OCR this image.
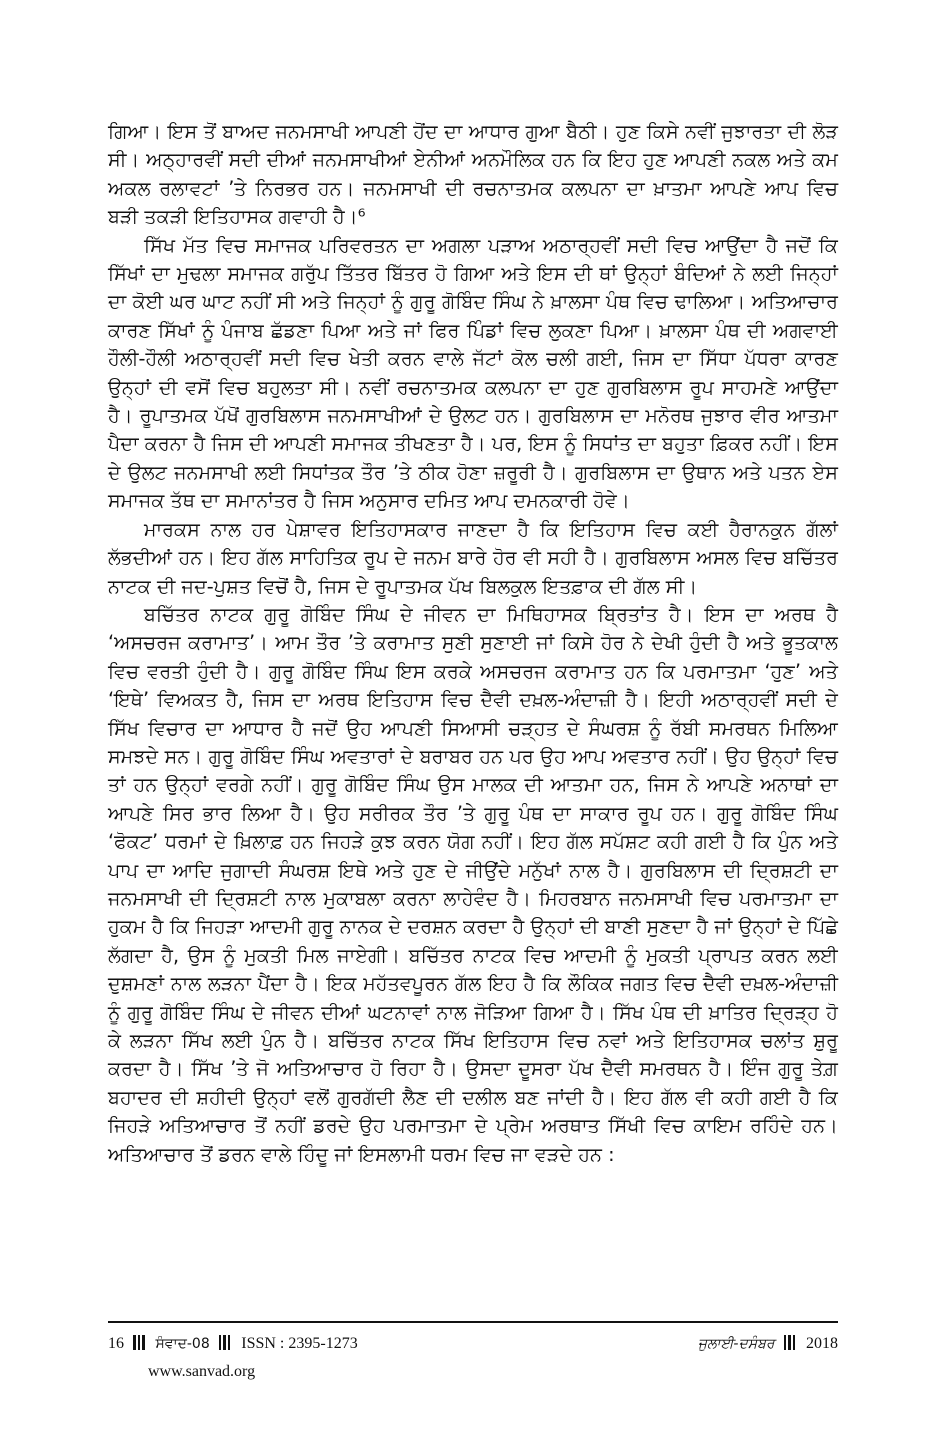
ਗਿਆ। ਇਸ ਤੋਂ ਬਾਅਦ ਜਨਮਸਾਖੀ ਆਪਣੀ ਹੋਂਦ ਦਾ ਆਧਾਰ ਗੁਆ ਬੈਠੀ। ਹੁਣ ਕਿਸੇ ਨਵੀਂ ਜੁਝਾਰਤਾ ਦੀ ਲੋੜ ਸੀ। ਅਠ੍ਹਾਰਵੀਂ ਸਦੀ ਦੀਆਂ ਜਨਮਸਾਖੀਆਂ ਏਨੀਆਂ ਅਨਮੌਲਿਕ ਹਨ ਕਿ ਇਹ ਹੁਣ ਆਪਣੀ ਨਕਲ ਅਤੇ ਕਮ ਅਕਲ ਰਲਾਵਟਾਂ ’ਤੇ ਨਿਰਭਰ ਹਨ। ਜਨਮਸਾਖੀ ਦੀ ਰਚਨਾਤਮਕ ਕਲਪਨਾ ਦਾ ਖ਼ਾਤਮਾ ਆਪਣੇ ਆਪ ਵਿਚ ਬੜੀ ਤਕੜੀ ਇਤਿਹਾਸਕ ਗਵਾਹੀ ਹੈ।⁶

ਸਿੱਖ ਮੱਤ ਵਿਚ ਸਮਾਜਕ ਪਰਿਵਰਤਨ ਦਾ ਅਗਲਾ ਪੜਾਅ ਅਠਾਰ੍ਹਵੀਂ ਸਦੀ ਵਿਚ ਆਉਂਦਾ ਹੈ ਜਦੋਂ ਕਿ ਸਿੱਖਾਂ ਦਾ ਮੁਢਲਾ ਸਮਾਜਕ ਗਰੁੱਪ ਤਿੱਤਰ ਬਿੱਤਰ ਹੋ ਗਿਆ ਅਤੇ ਇਸ ਦੀ ਥਾਂ ਉਨ੍ਹਾਂ ਬੰਦਿਆਂ ਨੇ ਲਈ ਜਿਨ੍ਹਾਂ ਦਾ ਕੋਈ ਘਰ ਘਾਟ ਨਹੀਂ ਸੀ ਅਤੇ ਜਿਨ੍ਹਾਂ ਨੂੰ ਗੁਰੂ ਗੋਬਿੰਦ ਸਿੰਘ ਨੇ ਖ਼ਾਲਸਾ ਪੰਥ ਵਿਚ ਢਾਲਿਆ। ਅਤਿਆਚਾਰ ਕਾਰਣ ਸਿੱਖਾਂ ਨੂੰ ਪੰਜਾਬ ਛੱਡਣਾ ਪਿਆ ਅਤੇ ਜਾਂ ਫਿਰ ਪਿੰਡਾਂ ਵਿਚ ਲੁਕਣਾ ਪਿਆ। ਖ਼ਾਲਸਾ ਪੰਥ ਦੀ ਅਗਵਾਈ ਹੌਲੀ-ਹੌਲੀ ਅਠਾਰ੍ਹਵੀਂ ਸਦੀ ਵਿਚ ਖੇਤੀ ਕਰਨ ਵਾਲੇ ਜੱਟਾਂ ਕੋਲ ਚਲੀ ਗਈ, ਜਿਸ ਦਾ ਸਿੱਧਾ ਪੱਧਰਾ ਕਾਰਣ ਉਨ੍ਹਾਂ ਦੀ ਵਸੋਂ ਵਿਚ ਬਹੁਲਤਾ ਸੀ। ਨਵੀਂ ਰਚਨਾਤਮਕ ਕਲਪਨਾ ਦਾ ਹੁਣ ਗੁਰਬਿਲਾਸ ਰੂਪ ਸਾਹਮਣੇ ਆਉਂਦਾ ਹੈ। ਰੂਪਾਤਮਕ ਪੱਖੋਂ ਗੁਰਬਿਲਾਸ ਜਨਮਸਾਖੀਆਂ ਦੇ ਉਲਟ ਹਨ। ਗੁਰਬਿਲਾਸ ਦਾ ਮਨੋਰਥ ਜੁਝਾਰ ਵੀਰ ਆਤਮਾ ਪੈਦਾ ਕਰਨਾ ਹੈ ਜਿਸ ਦੀ ਆਪਣੀ ਸਮਾਜਕ ਤੀਖਣਤਾ ਹੈ। ਪਰ, ਇਸ ਨੂੰ ਸਿਧਾਂਤ ਦਾ ਬਹੁਤਾ ਫ਼ਿਕਰ ਨਹੀਂ। ਇਸ ਦੇ ਉਲਟ ਜਨਮਸਾਖੀ ਲਈ ਸਿਧਾਂਤਕ ਤੌਰ ’ਤੇ ਠੀਕ ਹੋਣਾ ਜ਼ਰੂਰੀ ਹੈ। ਗੁਰਬਿਲਾਸ ਦਾ ਉਥਾਨ ਅਤੇ ਪਤਨ ਏਸ ਸਮਾਜਕ ਤੱਥ ਦਾ ਸਮਾਨਾਂਤਰ ਹੈ ਜਿਸ ਅਨੁਸਾਰ ਦਮਿਤ ਆਪ ਦਮਨਕਾਰੀ ਹੋਵੇ।

ਮਾਰਕਸ ਨਾਲ ਹਰ ਪੇਸ਼ਾਵਰ ਇਤਿਹਾਸਕਾਰ ਜਾਣਦਾ ਹੈ ਕਿ ਇਤਿਹਾਸ ਵਿਚ ਕਈ ਹੈਰਾਨਕੁਨ ਗੱਲਾਂ ਲੱਭਦੀਆਂ ਹਨ। ਇਹ ਗੱਲ ਸਾਹਿਤਿਕ ਰੂਪ ਦੇ ਜਨਮ ਬਾਰੇ ਹੋਰ ਵੀ ਸਹੀ ਹੈ। ਗੁਰਬਿਲਾਸ ਅਸਲ ਵਿਚ ਬਚਿੱਤਰ ਨਾਟਕ ਦੀ ਜਦ-ਪੁਸ਼ਤ ਵਿਚੋਂ ਹੈ, ਜਿਸ ਦੇ ਰੂਪਾਤਮਕ ਪੱਖ ਬਿਲਕੁਲ ਇਤਫ਼ਾਕ ਦੀ ਗੱਲ ਸੀ।

ਬਚਿੱਤਰ ਨਾਟਕ ਗੁਰੂ ਗੋਬਿੰਦ ਸਿੰਘ ਦੇ ਜੀਵਨ ਦਾ ਮਿਥਿਹਾਸਕ ਬ੍ਰਿਤਾਂਤ ਹੈ। ਇਸ ਦਾ ਅਰਥ ਹੈ ‘ਅਸਚਰਜ ਕਰਾਮਾਤ’। ਆਮ ਤੌਰ ’ਤੇ ਕਰਾਮਾਤ ਸੁਣੀ ਸੁਣਾਈ ਜਾਂ ਕਿਸੇ ਹੋਰ ਨੇ ਦੇਖੀ ਹੁੰਦੀ ਹੈ ਅਤੇ ਭੂਤਕਾਲ ਵਿਚ ਵਰਤੀ ਹੁੰਦੀ ਹੈ। ਗੁਰੂ ਗੋਬਿੰਦ ਸਿੰਘ ਇਸ ਕਰਕੇ ਅਸਚਰਜ ਕਰਾਮਾਤ ਹਨ ਕਿ ਪਰਮਾਤਮਾ ‘ਹੁਣ’ ਅਤੇ ‘ਇਥੇ’ ਵਿਅਕਤ ਹੈ, ਜਿਸ ਦਾ ਅਰਥ ਇਤਿਹਾਸ ਵਿਚ ਦੈਵੀ ਦਖ਼ਲ-ਅੰਦਾਜ਼ੀ ਹੈ। ਇਹੀ ਅਠਾਰ੍ਹਵੀਂ ਸਦੀ ਦੇ ਸਿੱਖ ਵਿਚਾਰ ਦਾ ਆਧਾਰ ਹੈ ਜਦੋਂ ਉਹ ਆਪਣੀ ਸਿਆਸੀ ਚੜ੍ਹਤ ਦੇ ਸੰਘਰਸ਼ ਨੂੰ ਰੱਬੀ ਸਮਰਥਨ ਮਿਲਿਆ ਸਮਝਦੇ ਸਨ। ਗੁਰੂ ਗੋਬਿੰਦ ਸਿੰਘ ਅਵਤਾਰਾਂ ਦੇ ਬਰਾਬਰ ਹਨ ਪਰ ਉਹ ਆਪ ਅਵਤਾਰ ਨਹੀਂ। ਉਹ ਉਨ੍ਹਾਂ ਵਿਚ ਤਾਂ ਹਨ ਉਨ੍ਹਾਂ ਵਰਗੇ ਨਹੀਂ। ਗੁਰੂ ਗੋਬਿੰਦ ਸਿੰਘ ਉਸ ਮਾਲਕ ਦੀ ਆਤਮਾ ਹਨ, ਜਿਸ ਨੇ ਆਪਣੇ ਅਨਾਥਾਂ ਦਾ ਆਪਣੇ ਸਿਰ ਭਾਰ ਲਿਆ ਹੈ। ਉਹ ਸਰੀਰਕ ਤੌਰ ’ਤੇ ਗੁਰੂ ਪੰਥ ਦਾ ਸਾਕਾਰ ਰੂਪ ਹਨ। ਗੁਰੂ ਗੋਬਿੰਦ ਸਿੰਘ ‘ਫੋਕਟ’ ਧਰਮਾਂ ਦੇ ਖ਼ਿਲਾਫ਼ ਹਨ ਜਿਹੜੇ ਕੁਝ ਕਰਨ ਯੋਗ ਨਹੀਂ। ਇਹ ਗੱਲ ਸਪੱਸ਼ਟ ਕਹੀ ਗਈ ਹੈ ਕਿ ਪੁੰਨ ਅਤੇ ਪਾਪ ਦਾ ਆਦਿ ਜੁਗਾਦੀ ਸੰਘਰਸ਼ ਇਥੇ ਅਤੇ ਹੁਣ ਦੇ ਜੀਉਂਦੇ ਮਨੁੱਖਾਂ ਨਾਲ ਹੈ। ਗੁਰਬਿਲਾਸ ਦੀ ਦ੍ਰਿਸ਼ਟੀ ਦਾ ਜਨਮਸਾਖੀ ਦੀ ਦ੍ਰਿਸ਼ਟੀ ਨਾਲ ਮੁਕਾਬਲਾ ਕਰਨਾ ਲਾਹੇਵੰਦ ਹੈ। ਮਿਹਰਬਾਨ ਜਨਮਸਾਖੀ ਵਿਚ ਪਰਮਾਤਮਾ ਦਾ ਹੁਕਮ ਹੈ ਕਿ ਜਿਹੜਾ ਆਦਮੀ ਗੁਰੂ ਨਾਨਕ ਦੇ ਦਰਸ਼ਨ ਕਰਦਾ ਹੈ ਉਨ੍ਹਾਂ ਦੀ ਬਾਣੀ ਸੁਣਦਾ ਹੈ ਜਾਂ ਉਨ੍ਹਾਂ ਦੇ ਪਿੱਛੇ ਲੱਗਦਾ ਹੈ, ਉਸ ਨੂੰ ਮੁਕਤੀ ਮਿਲ ਜਾਏਗੀ। ਬਚਿੱਤਰ ਨਾਟਕ ਵਿਚ ਆਦਮੀ ਨੂੰ ਮੁਕਤੀ ਪ੍ਰਾਪਤ ਕਰਨ ਲਈ ਦੁਸ਼ਮਣਾਂ ਨਾਲ ਲੜਨਾ ਪੈਂਦਾ ਹੈ। ਇਕ ਮਹੱਤਵਪੂਰਨ ਗੱਲ ਇਹ ਹੈ ਕਿ ਲੌਕਿਕ ਜਗਤ ਵਿਚ ਦੈਵੀ ਦਖ਼ਲ-ਅੰਦਾਜ਼ੀ ਨੂੰ ਗੁਰੂ ਗੋਬਿੰਦ ਸਿੰਘ ਦੇ ਜੀਵਨ ਦੀਆਂ ਘਟਨਾਵਾਂ ਨਾਲ ਜੋੜਿਆ ਗਿਆ ਹੈ। ਸਿੱਖ ਪੰਥ ਦੀ ਖ਼ਾਤਿਰ ਦ੍ਰਿੜ੍ਹ ਹੋ ਕੇ ਲੜਨਾ ਸਿੱਖ ਲਈ ਪੁੰਨ ਹੈ। ਬਚਿੱਤਰ ਨਾਟਕ ਸਿੱਖ ਇਤਿਹਾਸ ਵਿਚ ਨਵਾਂ ਅਤੇ ਇਤਿਹਾਸਕ ਚਲਾਂਤ ਸ਼ੁਰੂ ਕਰਦਾ ਹੈ। ਸਿੱਖ ’ਤੇ ਜੋ ਅਤਿਆਚਾਰ ਹੋ ਰਿਹਾ ਹੈ। ਉਸਦਾ ਦੂਸਰਾ ਪੱਖ ਦੈਵੀ ਸਮਰਥਨ ਹੈ। ਇੰਜ ਗੁਰੂ ਤੇਗ਼ ਬਹਾਦਰ ਦੀ ਸ਼ਹੀਦੀ ਉਨ੍ਹਾਂ ਵਲੋਂ ਗੁਰਗੱਦੀ ਲੈਣ ਦੀ ਦਲੀਲ ਬਣ ਜਾਂਦੀ ਹੈ। ਇਹ ਗੱਲ ਵੀ ਕਹੀ ਗਈ ਹੈ ਕਿ ਜਿਹੜੇ ਅਤਿਆਚਾਰ ਤੋਂ ਨਹੀਂ ਡਰਦੇ ਉਹ ਪਰਮਾਤਮਾ ਦੇ ਪ੍ਰੇਮ ਅਰਥਾਤ ਸਿੱਖੀ ਵਿਚ ਕਾਇਮ ਰਹਿੰਦੇ ਹਨ। ਅਤਿਆਚਾਰ ਤੋਂ ਡਰਨ ਵਾਲੇ ਹਿੰਦੂ ਜਾਂ ਇਸਲਾਮੀ ਧਰਮ ਵਿਚ ਜਾ ਵੜਦੇ ਹਨ :

16 ਸੰਵਾਦ-08 ISSN : 2395-1273	ਜੁਲਾਈ-ਦਸੰਬਰ 2018
www.sanvad.org
